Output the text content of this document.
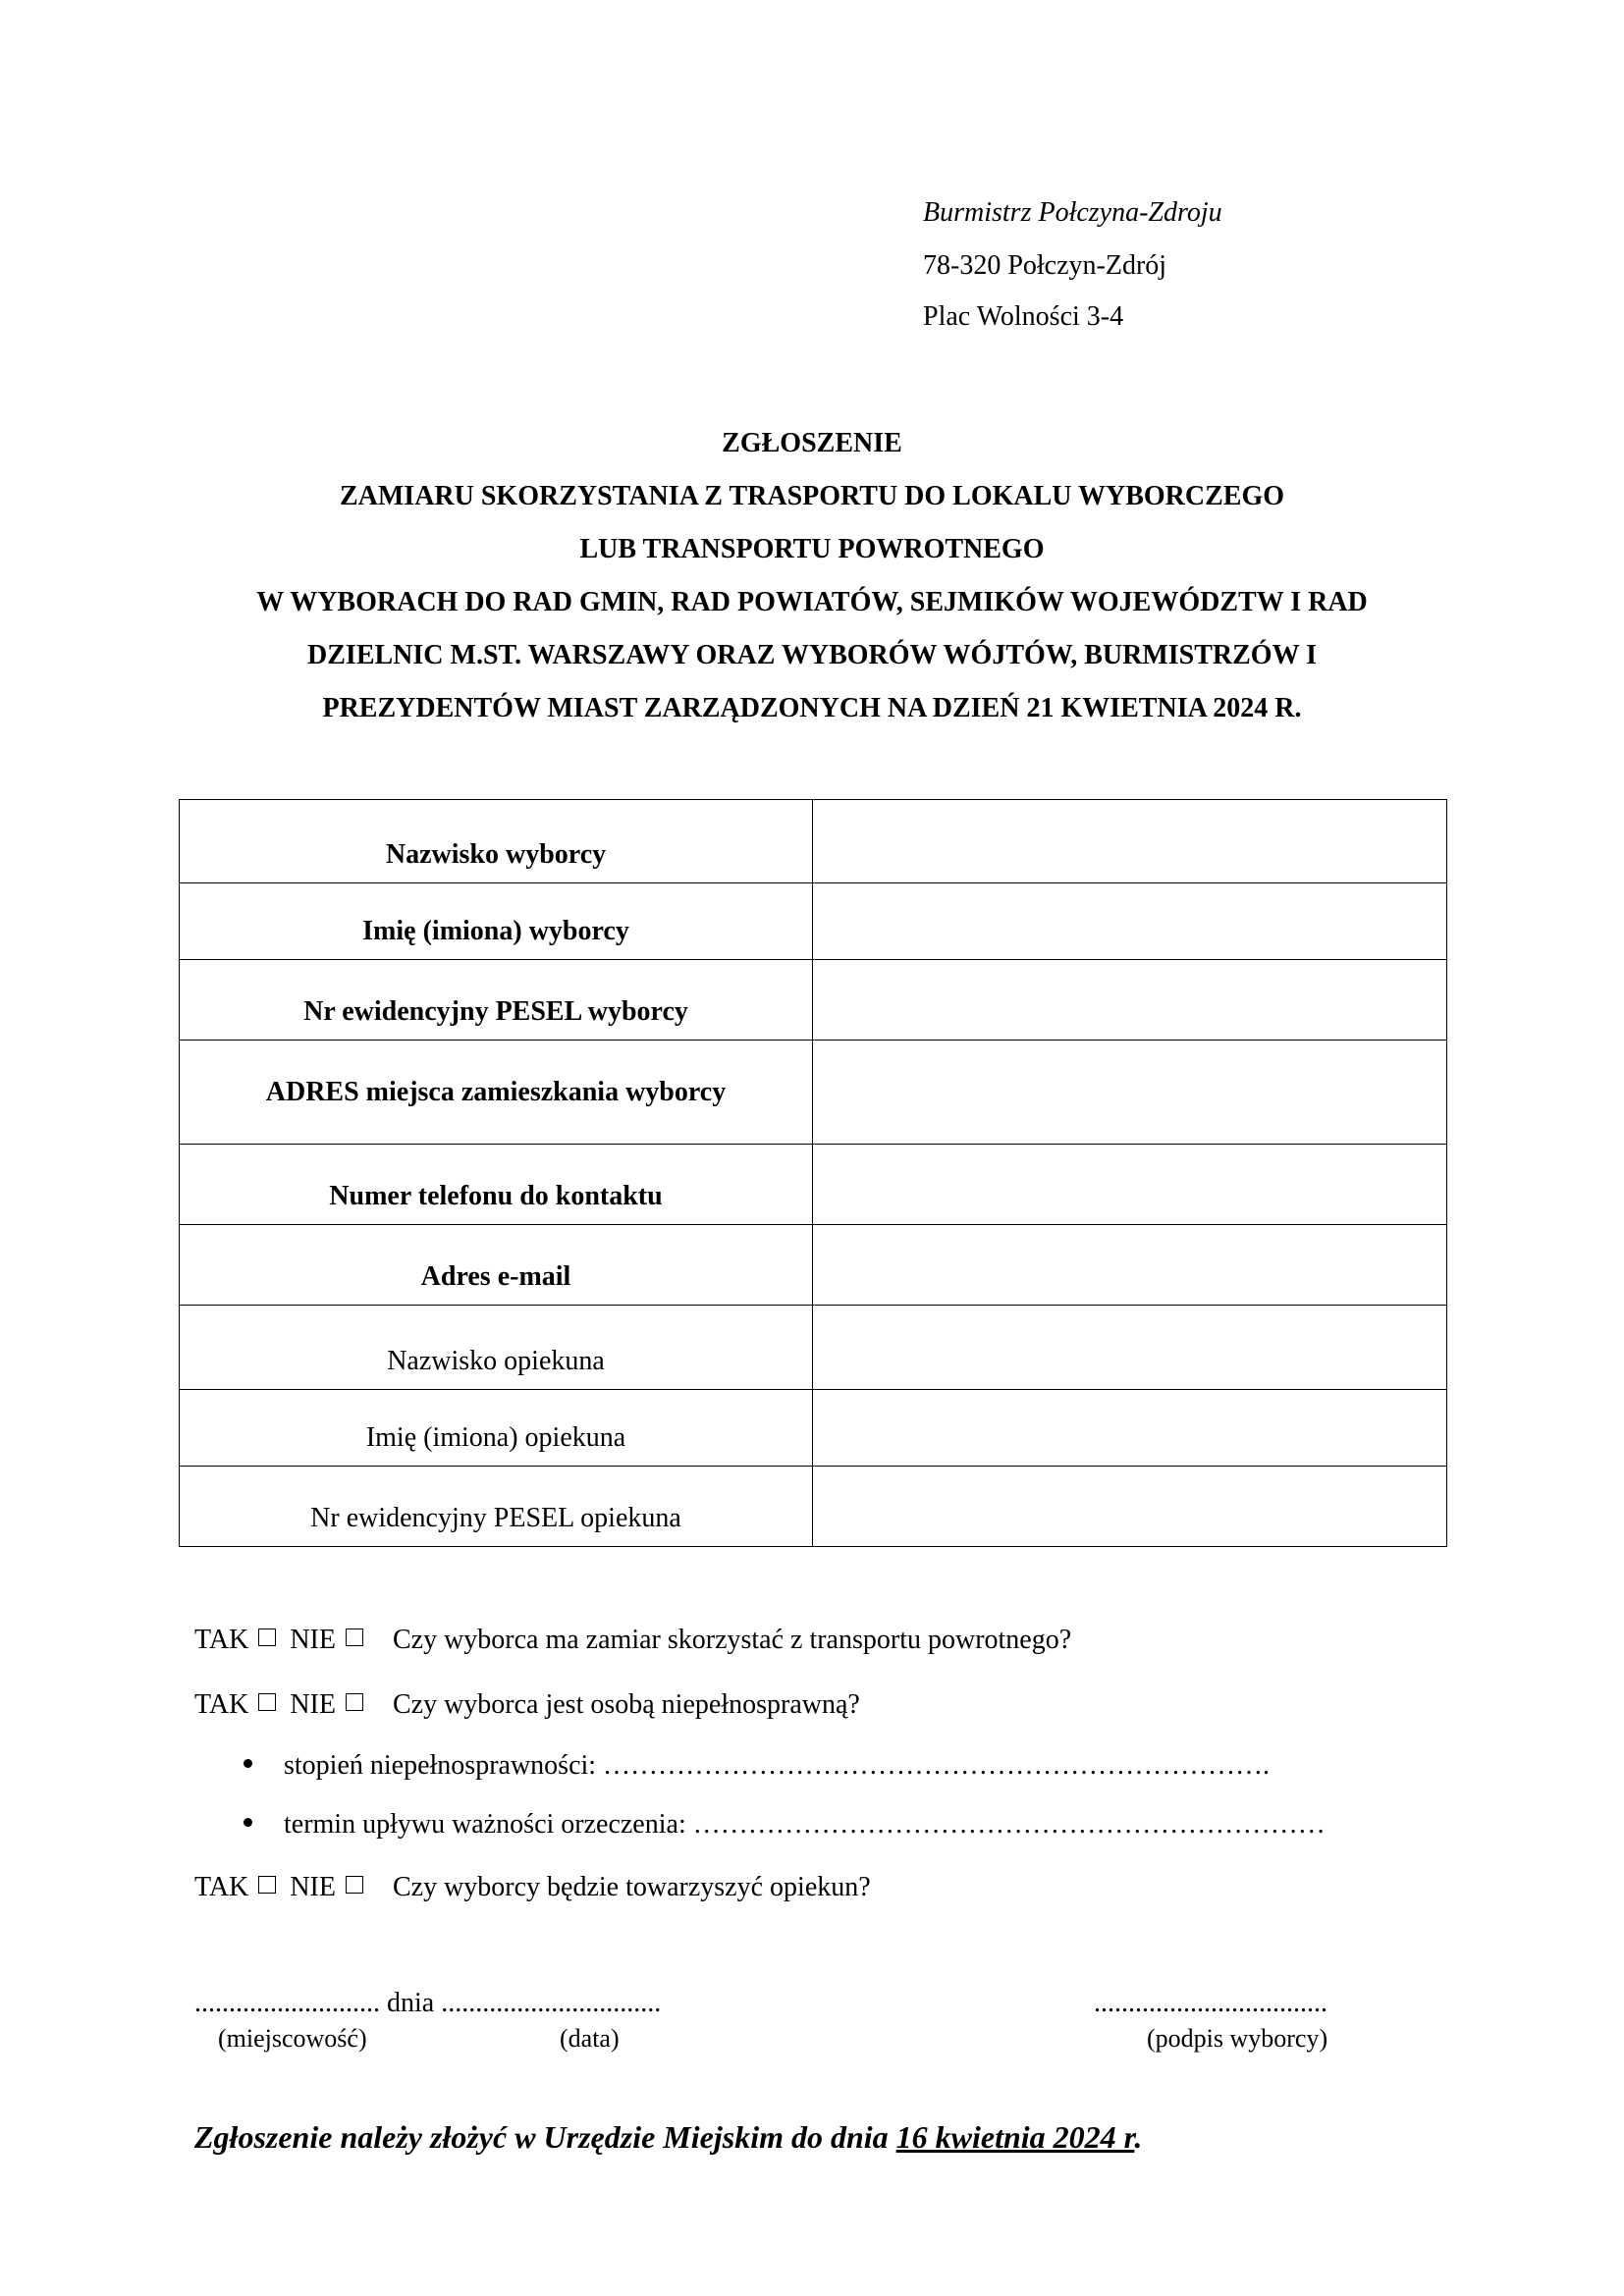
Burmistrz Połczyna-Zdroju
78-320 Połczyn-Zdrój
Plac Wolności 3-4
ZGŁOSZENIE
ZAMIARU SKORZYSTANIA Z TRASPORTU DO LOKALU WYBORCZEGO
LUB TRANSPORTU POWROTNEGO
W WYBORACH DO RAD GMIN, RAD POWIATÓW, SEJMIKÓW WOJEWÓDZTW I RAD
DZIELNIC M.ST. WARSZAWY ORAZ WYBORÓW WÓJTÓW, BURMISTRZÓW I
PREZYDENTÓW MIAST ZARZĄDZONYCH NA DZIEŃ 21 KWIETNIA 2024 R.
Nazwisko wyborcy	
Imię (imiona) wyborcy	
Nr ewidencyjny PESEL wyborcy	
ADRES miejsca zamieszkania wyborcy	
Numer telefonu do kontaktu	
Adres e-mail	
Nazwisko opiekuna	
Imię (imiona) opiekuna	
Nr ewidencyjny PESEL opiekuna	
TAK NIE Czy wyborca ma zamiar skorzystać z transportu powrotnego?
TAK NIE Czy wyborca jest osobą niepełnosprawną?
stopień niepełnosprawności: ……………………………………………………………….
termin upływu ważności orzeczenia: ……………………………………………………………
TAK NIE Czy wyborcy będzie towarzyszyć opiekun?
........................... dnia ................................	..................................
(miejscowość)	(data)	(podpis wyborcy)
Zgłoszenie należy złożyć w Urzędzie Miejskim do dnia 16 kwietnia 2024 r.
